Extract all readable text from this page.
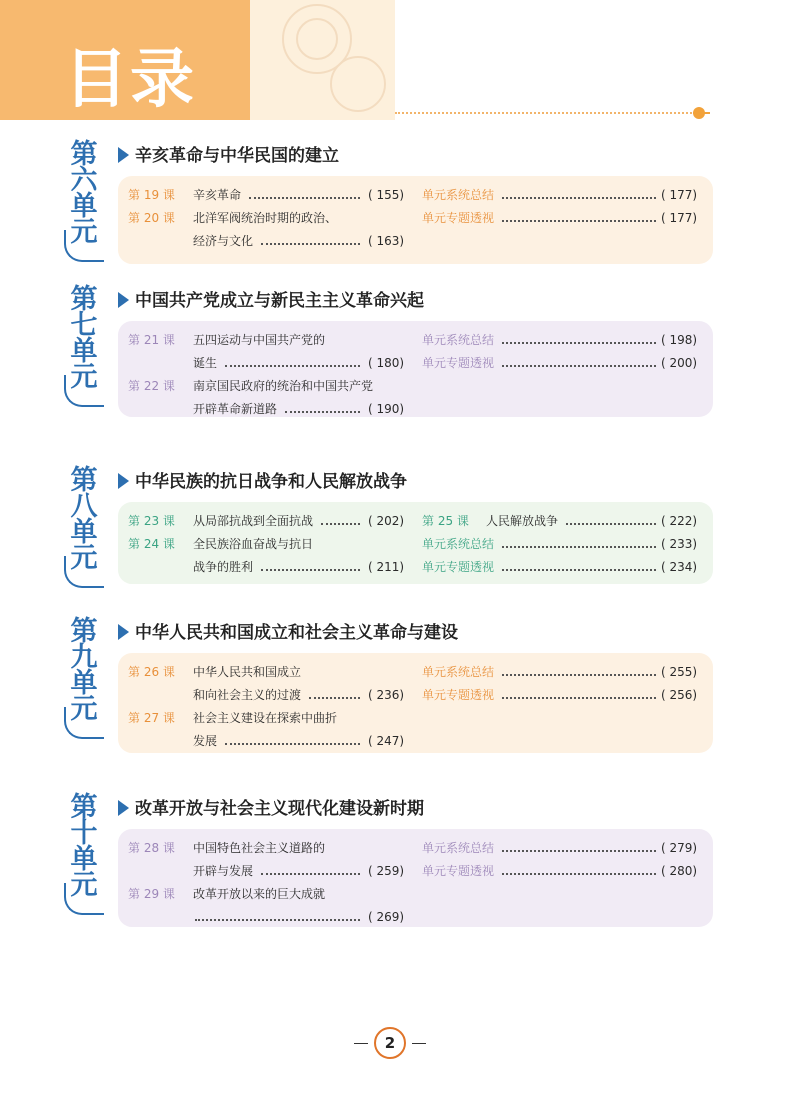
目录
第
六
单
元
辛亥革命与中华民国的建立
第 19 课 辛亥革命	( 155)
第 20 课 北洋军阀统治时期的政治、
经济与文化	( 163)
单元系统总结	( 177)
单元专题透视	( 177)
第
七
单
元
中国共产党成立与新民主主义革命兴起
第 21 课 五四运动与中国共产党的
诞生	( 180)
第 22 课 南京国民政府的统治和中国共产党
开辟革命新道路	( 190)
单元系统总结	( 198)
单元专题透视	( 200)
第
八
单
元
中华民族的抗日战争和人民解放战争
第 23 课 从局部抗战到全面抗战	( 202)
第 24 课 全民族浴血奋战与抗日
战争的胜利	( 211)
第 25 课 人民解放战争	( 222)
单元系统总结	( 233)
单元专题透视	( 234)
第
九
单
元
中华人民共和国成立和社会主义革命与建设
第 26 课 中华人民共和国成立
和向社会主义的过渡	( 236)
第 27 课 社会主义建设在探索中曲折
发展	( 247)
单元系统总结	( 255)
单元专题透视	( 256)
第
十
单
元
改革开放与社会主义现代化建设新时期
第 28 课 中国特色社会主义道路的
开辟与发展	( 259)
第 29 课 改革开放以来的巨大成就
( 269)
单元系统总结	( 279)
单元专题透视	( 280)
2
